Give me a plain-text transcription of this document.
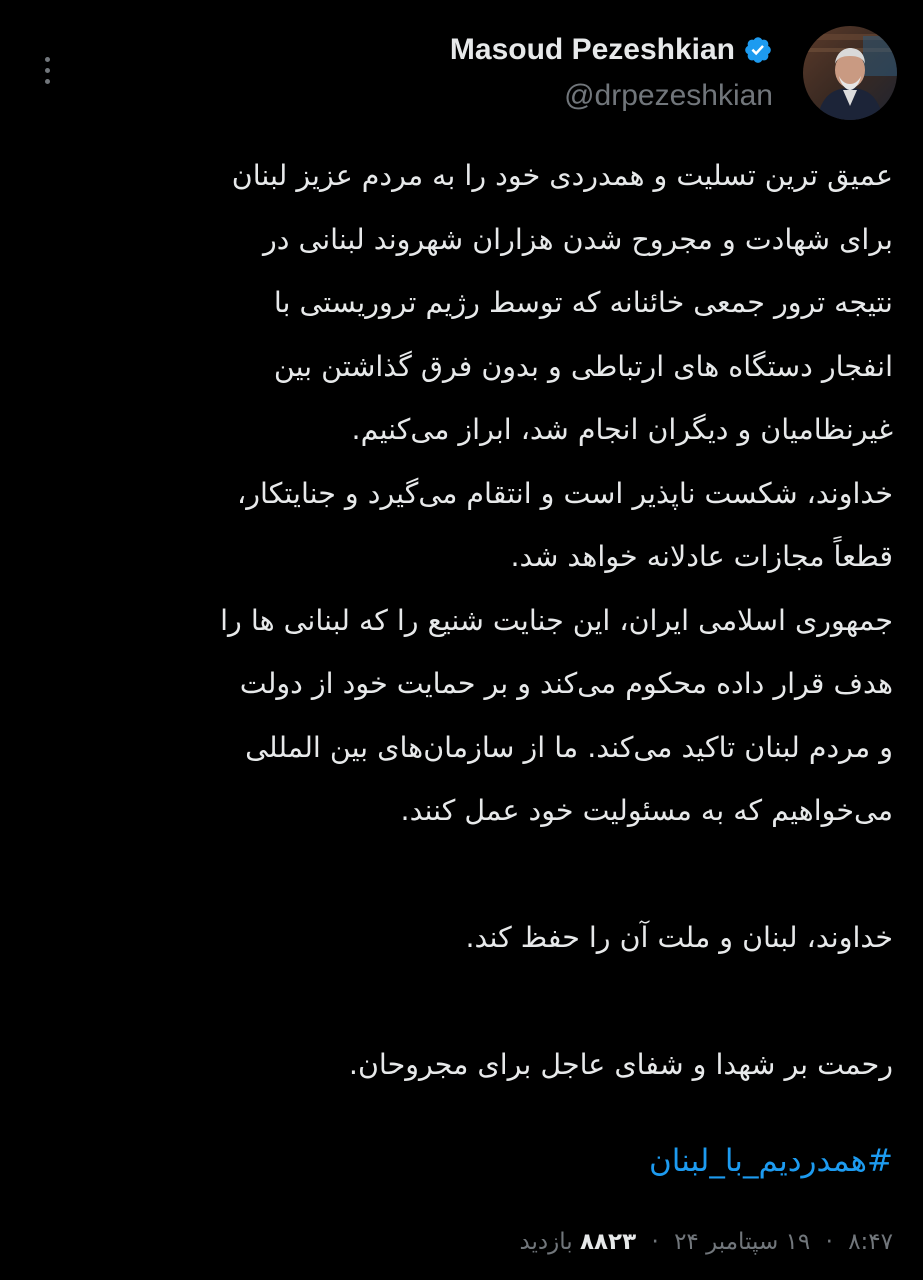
Masoud Pezeshkian
@drpezeshkian
عمیق ترین تسلیت و همدردی خود را به مردم عزیز لبنان
برای شهادت و مجروح شدن هزاران شهروند لبنانی در
نتیجه ترور جمعی خائنانه که توسط رژیم تروریستی با
انفجار دستگاه های ارتباطی و بدون فرق گذاشتن بین
غیرنظامیان و دیگران انجام شد، ابراز می‌کنیم.
خداوند، شکست ناپذیر است و انتقام می‌گیرد و جنایتکار،
قطعاً مجازات عادلانه خواهد شد.
جمهوری اسلامی ایران، این جنایت شنیع را که لبنانی ها را
هدف قرار داده محکوم می‌کند و بر حمایت خود از دولت
و مردم لبنان تاکید می‌کند. ما از سازمان‌های بین المللی
می‌خواهیم که به مسئولیت خود عمل کنند.
خداوند، لبنان و ملت آن را حفظ کند.
رحمت بر شهدا و شفای عاجل برای مجروحان.
#همدردیم_با_لبنان
۸:۴۷ · ۱۹ سپتامبر ۲۴ · ۸۸۲۳ بازدید
